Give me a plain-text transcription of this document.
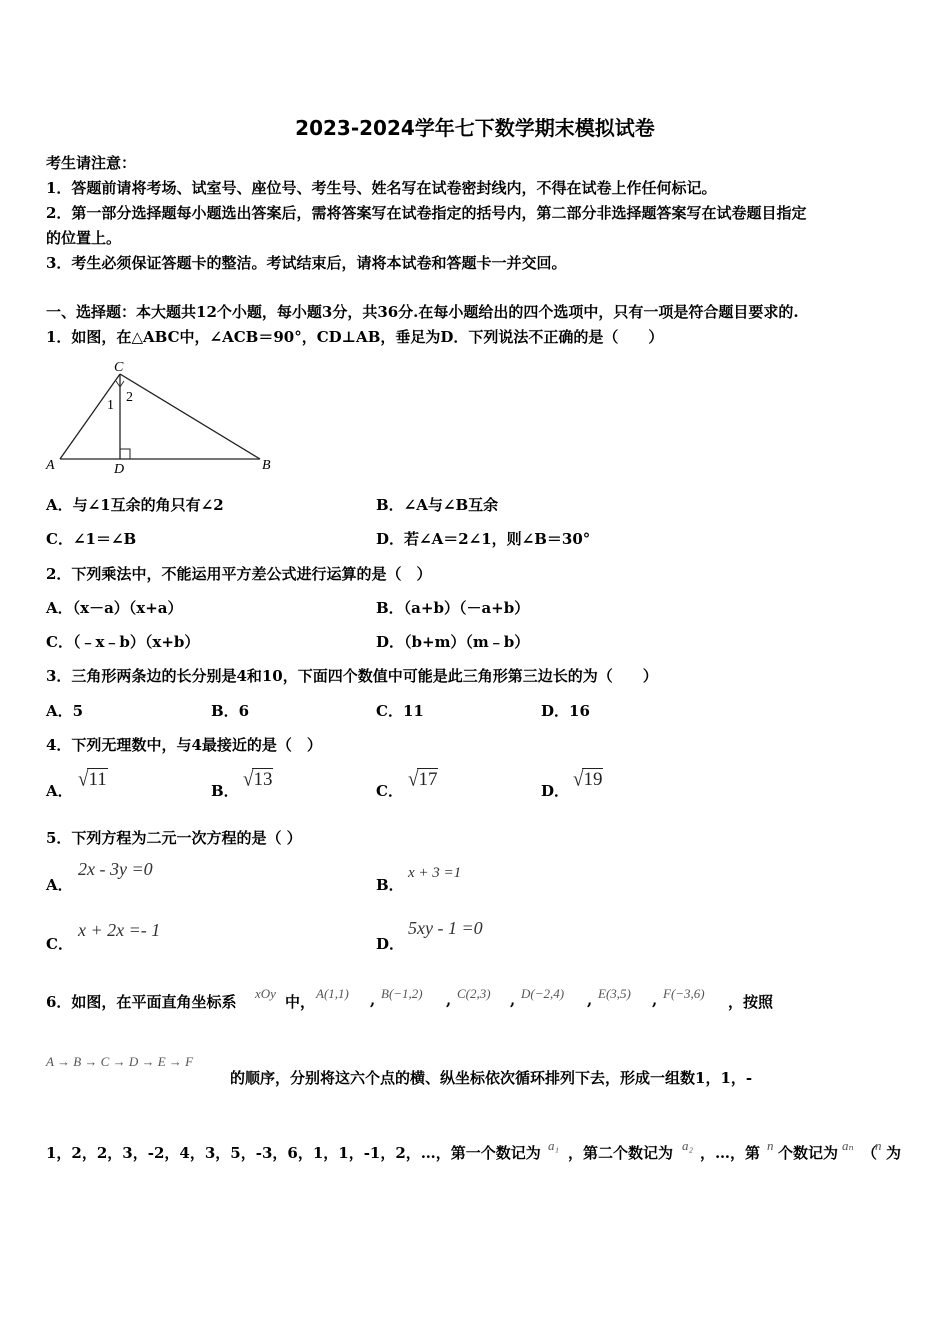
2023-2024学年七下数学期末模拟试卷
考生请注意：
1．答题前请将考场、试室号、座位号、考生号、姓名写在试卷密封线内，不得在试卷上作任何标记。
2．第一部分选择题每小题选出答案后，需将答案写在试卷指定的括号内，第二部分非选择题答案写在试卷题目指定
的位置上。
3．考生必须保证答题卡的整洁。考试结束后，请将本试卷和答题卡一并交回。
一、选择题：本大题共12个小题，每小题3分，共36分.在每小题给出的四个选项中，只有一项是符合题目要求的.
1．如图，在△ABC中，∠ACB＝90°，CD⊥AB，垂足为D．下列说法不正确的是（　　）
C
A	D	B
1
2
A．与∠1互余的角只有∠2	B．∠A与∠B互余
C．∠1＝∠B	D．若∠A＝2∠1，则∠B＝30°
2．下列乘法中，不能运用平方差公式进行运算的是（　）
A．（x－a）（x+a）	B．（a+b）（－a+b）
C．（﹣x﹣b）（x+b）	D．（b+m）（m﹣b）
3．三角形两条边的长分别是4和10，下面四个数值中可能是此三角形第三边长的为（　　）
A．5	B．6	C．11	D．16
4．下列无理数中，与4最接近的是（　）
A． √11
B． √13
C． √17
D． √19
5．下列方程为二元一次方程的是（ ）
A．
2x - 3y =0
B．
x + 3 =1
C．
x + 2x =- 1
D．
5xy - 1 =0
6．如图，在平面直角坐标系 xOy 中， A(1,1) , B(−1,2) , C(2,3) , D(−2,4) , E(3,5) , F(−3,6) ，按照
A → B → C → D → E → F
的顺序，分别将这六个点的横、纵坐标依次循环排列下去，形成一组数1，1，-
1，2，2，3，-2，4，3，5，-3，6，1，1，-1，2，…，第一个数记为 a₁ ，第二个数记为 a₂ ，…，第 n 个数记为 aₙ （
n 为
